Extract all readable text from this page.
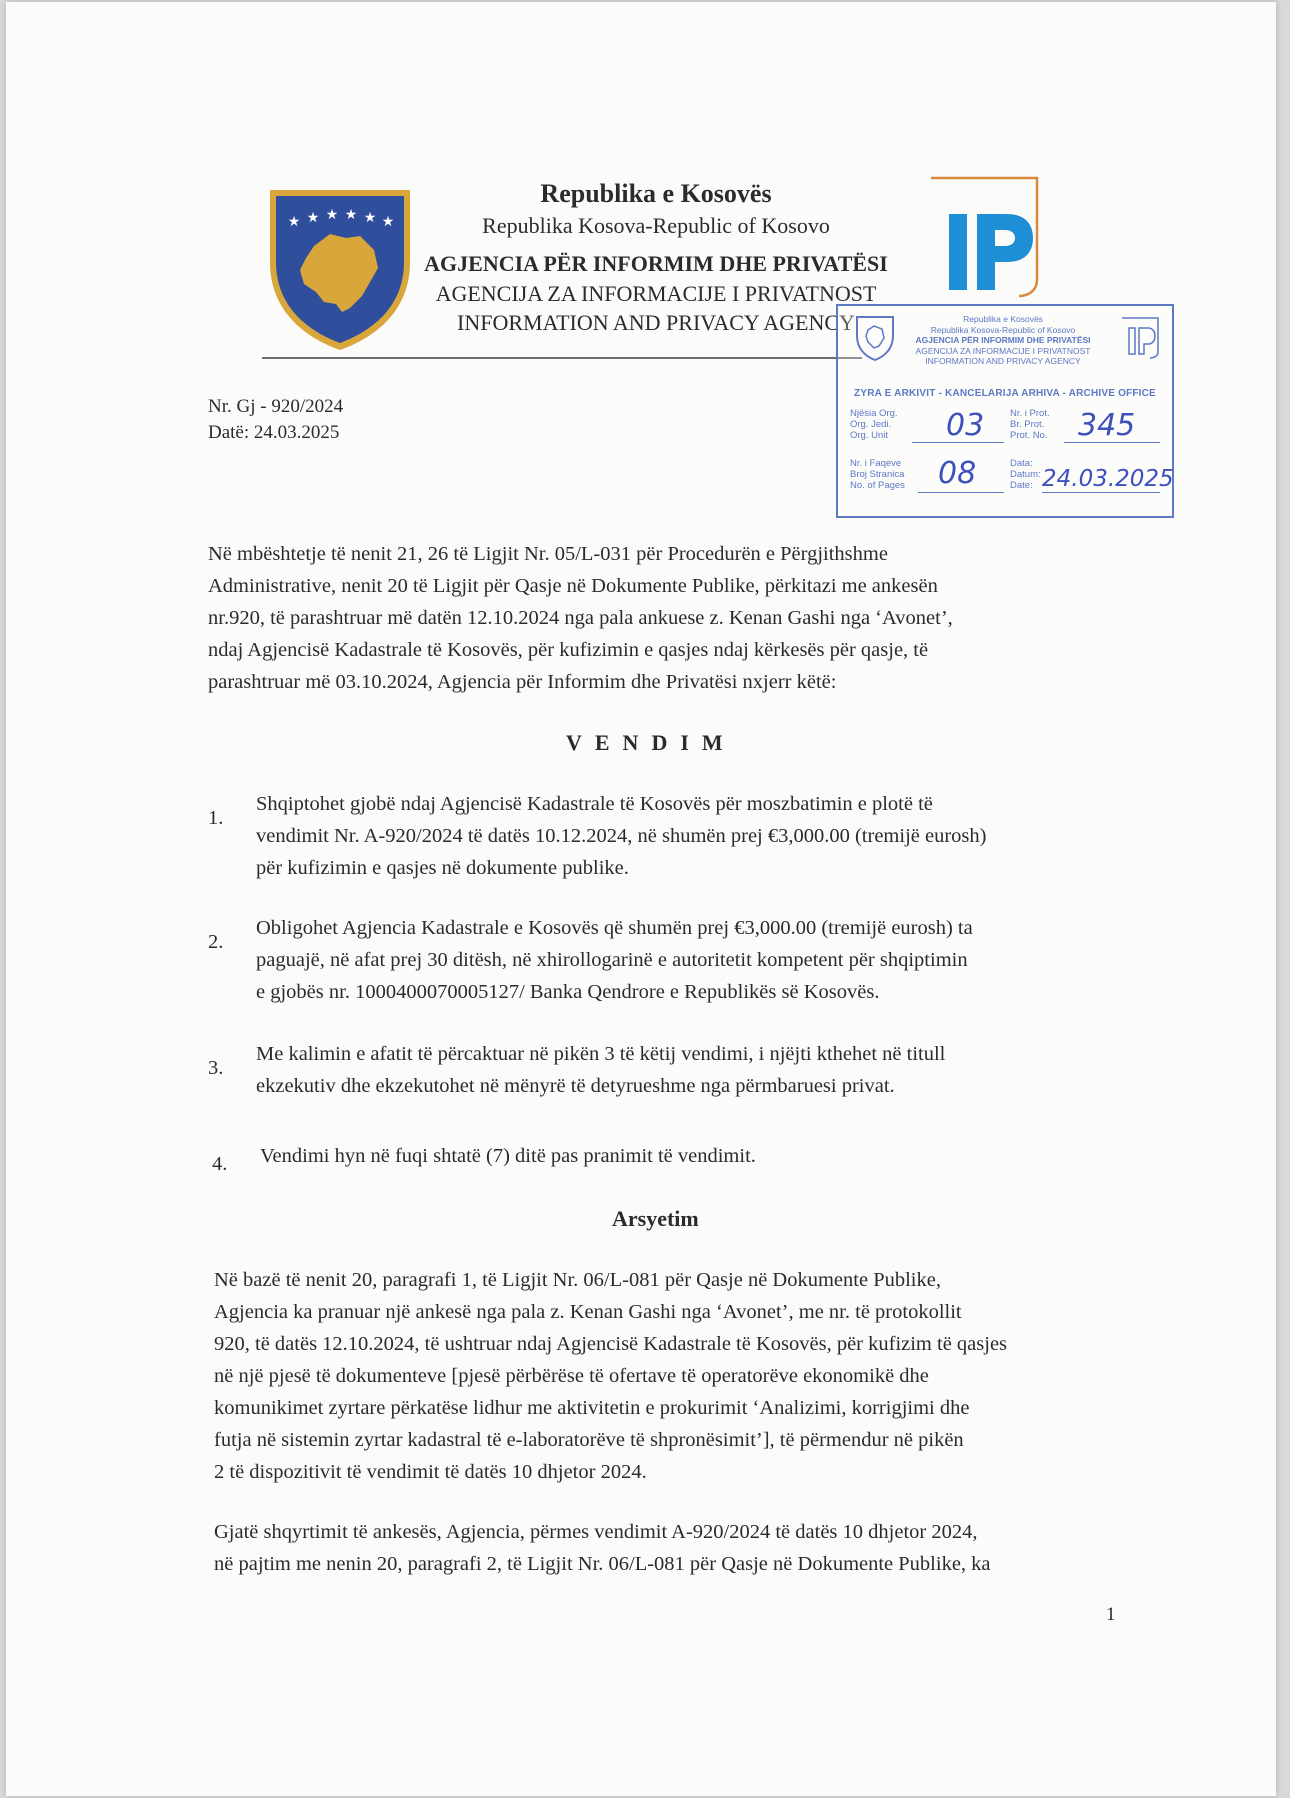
★ ★ ★ ★ ★ ★
Republika e Kosovës
Republika Kosova-Republic of Kosovo
AGJENCIA PËR INFORMIM DHE PRIVATËSI
AGENCIJA ZA INFORMACIJE I PRIVATNOST
INFORMATION AND PRIVACY AGENCY	Republika e Kosovës
Republika Kosova-Republic of Kosovo
AGJENCIA PËR INFORMIM DHE PRIVATËSI
AGENCIJA ZA INFORMACIJE I PRIVATNOST
INFORMATION AND PRIVACY AGENCY
ZYRA E ARKIVIT - KANCELARIJA ARHIVA - ARCHIVE OFFICE
Njësia Org.
Org. Jedi.
Org. Unit	03	Nr. i Prot.
Br. Prot.
Prot. No. 345
Nr. i Faqeve
Broj Stranica
No. of Pages 08	Data:
Datum:
Date: 24.03.2025
Nr. Gj - 920/2024
Datë: 24.03.2025
Në mbështetje të nenit 21, 26 të Ligjit Nr. 05/L-031 për Procedurën e Përgjithshme
Administrative, nenit 20 të Ligjit për Qasje në Dokumente Publike, përkitazi me ankesën
nr.920, të parashtruar më datën 12.10.2024 nga pala ankuese z. Kenan Gashi nga ‘Avonet’,
ndaj Agjencisë Kadastrale të Kosovës, për kufizimin e qasjes ndaj kërkesës për qasje, të
parashtruar më 03.10.2024, Agjencia për Informim dhe Privatësi nxjerr këtë:
VENDIM
1.
Shqiptohet gjobë ndaj Agjencisë Kadastrale të Kosovës për moszbatimin e plotë të
vendimit Nr. A-920/2024 të datës 10.12.2024, në shumën prej €3,000.00 (tremijë eurosh)
për kufizimin e qasjes në dokumente publike.
2.
Obligohet Agjencia Kadastrale e Kosovës që shumën prej €3,000.00 (tremijë eurosh) ta
paguajë, në afat prej 30 ditësh, në xhirollogarinë e autoritetit kompetent për shqiptimin
e gjobës nr. 1000400070005127/ Banka Qendrore e Republikës së Kosovës.
3.
Me kalimin e afatit të përcaktuar në pikën 3 të këtij vendimi, i njëjti kthehet në titull
ekzekutiv dhe ekzekutohet në mënyrë të detyrueshme nga përmbaruesi privat.
4. Vendimi hyn në fuqi shtatë (7) ditë pas pranimit të vendimit.
Arsyetim
Në bazë të nenit 20, paragrafi 1, të Ligjit Nr. 06/L-081 për Qasje në Dokumente Publike,
Agjencia ka pranuar një ankesë nga pala z. Kenan Gashi nga ‘Avonet’, me nr. të protokollit
920, të datës 12.10.2024, të ushtruar ndaj Agjencisë Kadastrale të Kosovës, për kufizim të qasjes
në një pjesë të dokumenteve [pjesë përbërëse të ofertave të operatorëve ekonomikë dhe
komunikimet zyrtare përkatëse lidhur me aktivitetin e prokurimit ‘Analizimi, korrigjimi dhe
futja në sistemin zyrtar kadastral të e-laboratorëve të shpronësimit’], të përmendur në pikën
2 të dispozitivit të vendimit të datës 10 dhjetor 2024.
Gjatë shqyrtimit të ankesës, Agjencia, përmes vendimit A-920/2024 të datës 10 dhjetor 2024,
në pajtim me nenin 20, paragrafi 2, të Ligjit Nr. 06/L-081 për Qasje në Dokumente Publike, ka
1
